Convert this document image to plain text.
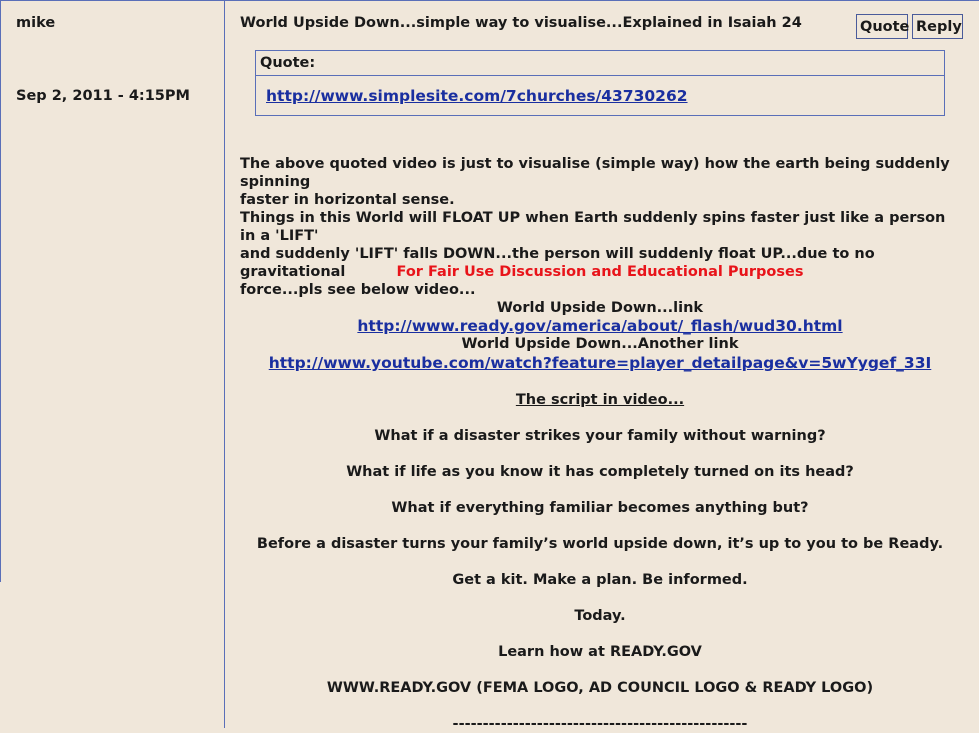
mike
Sep 2, 2011 - 4:15PM
World Upside Down...simple way to visualise...Explained in Isaiah 24	Quote Reply
Quote:
http://www.simplesite.com/7churches/43730262
The above quoted video is just to visualise (simple way) how the earth being suddenly spinning
faster in horizontal sense.
Things in this World will FLOAT UP when Earth suddenly spins faster just like a person in a 'LIFT'
and suddenly 'LIFT' falls DOWN...the person will suddenly float UP...due to no gravitational
force...pls see below video...
For Fair Use Discussion and Educational Purposes
World Upside Down...link
http://www.ready.gov/america/about/_flash/wud30.html
World Upside Down...Another link
http://www.youtube.com/watch?feature=player_detailpage&v=5wYygef_33I
The script in video...
What if a disaster strikes your family without warning?
What if life as you know it has completely turned on its head?
What if everything familiar becomes anything but?
Before a disaster turns your family’s world upside down, it’s up to you to be Ready.
Get a kit. Make a plan. Be informed.
Today.
Learn how at READY.GOV
WWW.READY.GOV (FEMA LOGO, AD COUNCIL LOGO & READY LOGO)
-------------------------------------------------
